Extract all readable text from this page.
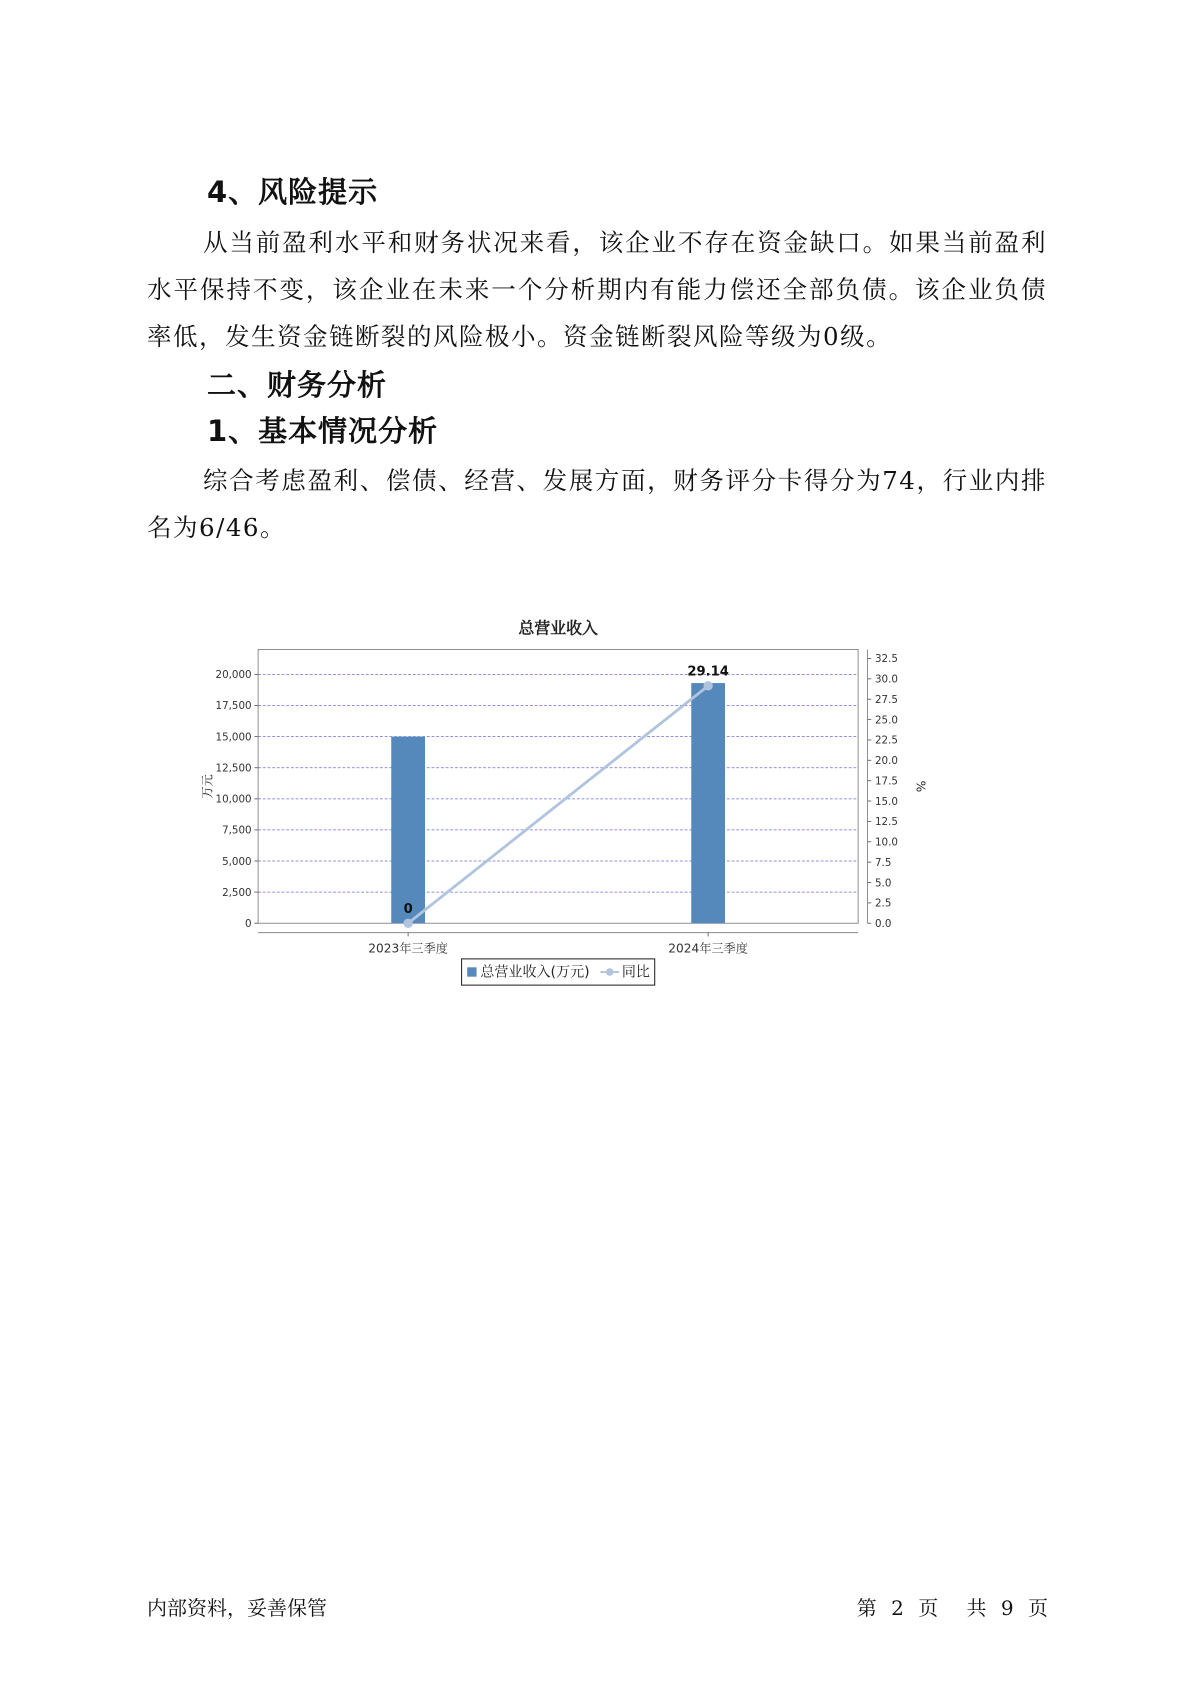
4、风险提示
从当前盈利水平和财务状况来看，该企业不存在资金缺口。如果当前盈利水平保持不变，该企业在未来一个分析期内有能力偿还全部负债。该企业负债率低，发生资金链断裂的风险极小。资金链断裂风险等级为0级。
二、财务分析
1、基本情况分析
综合考虑盈利、偿债、经营、发展方面，财务评分卡得分为74，行业内排名为6/46。
总营业收入
0
2,500
5,000
7,500
10,000
12,500
15,000
17,500
20,000
0.0
2.5
5.0
7.5
10.0
12.5
15.0
17.5
20.0
22.5
25.0
27.5
30.0
32.5
0
29.14
2023年三季度	2024年三季度
万元	%
总营业收入(万元) 同比
内部资料，妥善保管	第 2 页 共 9 页
